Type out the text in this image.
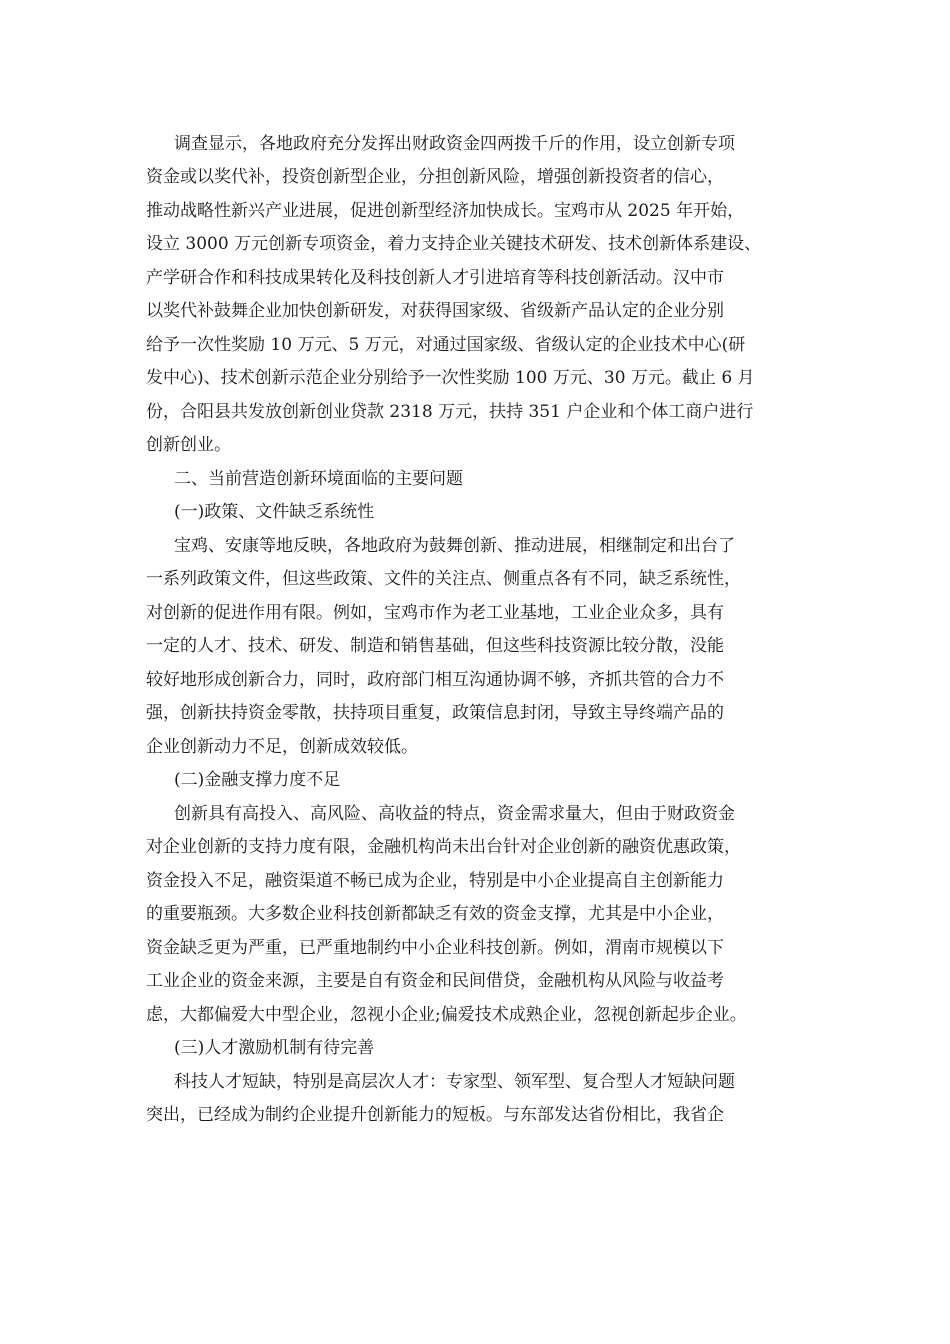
调查显示，各地政府充分发挥出财政资金四两拨千斤的作用，设立创新专项

资金或以奖代补，投资创新型企业，分担创新风险，增强创新投资者的信心，

推动战略性新兴产业进展，促进创新型经济加快成长。宝鸡市从 2025 年开始，

设立 3000 万元创新专项资金，着力支持企业关键技术研发、技术创新体系建设、

产学研合作和科技成果转化及科技创新人才引进培育等科技创新活动。汉中市

以奖代补鼓舞企业加快创新研发，对获得国家级、省级新产品认定的企业分别

给予一次性奖励 10 万元、5 万元，对通过国家级、省级认定的企业技术中心(研

发中心)、技术创新示范企业分别给予一次性奖励 100 万元、30 万元。截止 6 月

份，合阳县共发放创新创业贷款 2318 万元，扶持 351 户企业和个体工商户进行

创新创业。

二、当前营造创新环境面临的主要问题

(一)政策、文件缺乏系统性

宝鸡、安康等地反映，各地政府为鼓舞创新、推动进展，相继制定和出台了

一系列政策文件，但这些政策、文件的关注点、侧重点各有不同，缺乏系统性，

对创新的促进作用有限。例如，宝鸡市作为老工业基地，工业企业众多，具有

一定的人才、技术、研发、制造和销售基础，但这些科技资源比较分散，没能

较好地形成创新合力，同时，政府部门相互沟通协调不够，齐抓共管的合力不

强，创新扶持资金零散，扶持项目重复，政策信息封闭，导致主导终端产品的

企业创新动力不足，创新成效较低。

(二)金融支撑力度不足

创新具有高投入、高风险、高收益的特点，资金需求量大，但由于财政资金

对企业创新的支持力度有限，金融机构尚未出台针对企业创新的融资优惠政策，

资金投入不足，融资渠道不畅已成为企业，特别是中小企业提高自主创新能力

的重要瓶颈。大多数企业科技创新都缺乏有效的资金支撑，尤其是中小企业，

资金缺乏更为严重，已严重地制约中小企业科技创新。例如，渭南市规模以下

工业企业的资金来源，主要是自有资金和民间借贷，金融机构从风险与收益考

虑，大都偏爱大中型企业，忽视小企业;偏爱技术成熟企业，忽视创新起步企业。

(三)人才激励机制有待完善

科技人才短缺，特别是高层次人才：专家型、领军型、复合型人才短缺问题

突出，已经成为制约企业提升创新能力的短板。与东部发达省份相比，我省企
